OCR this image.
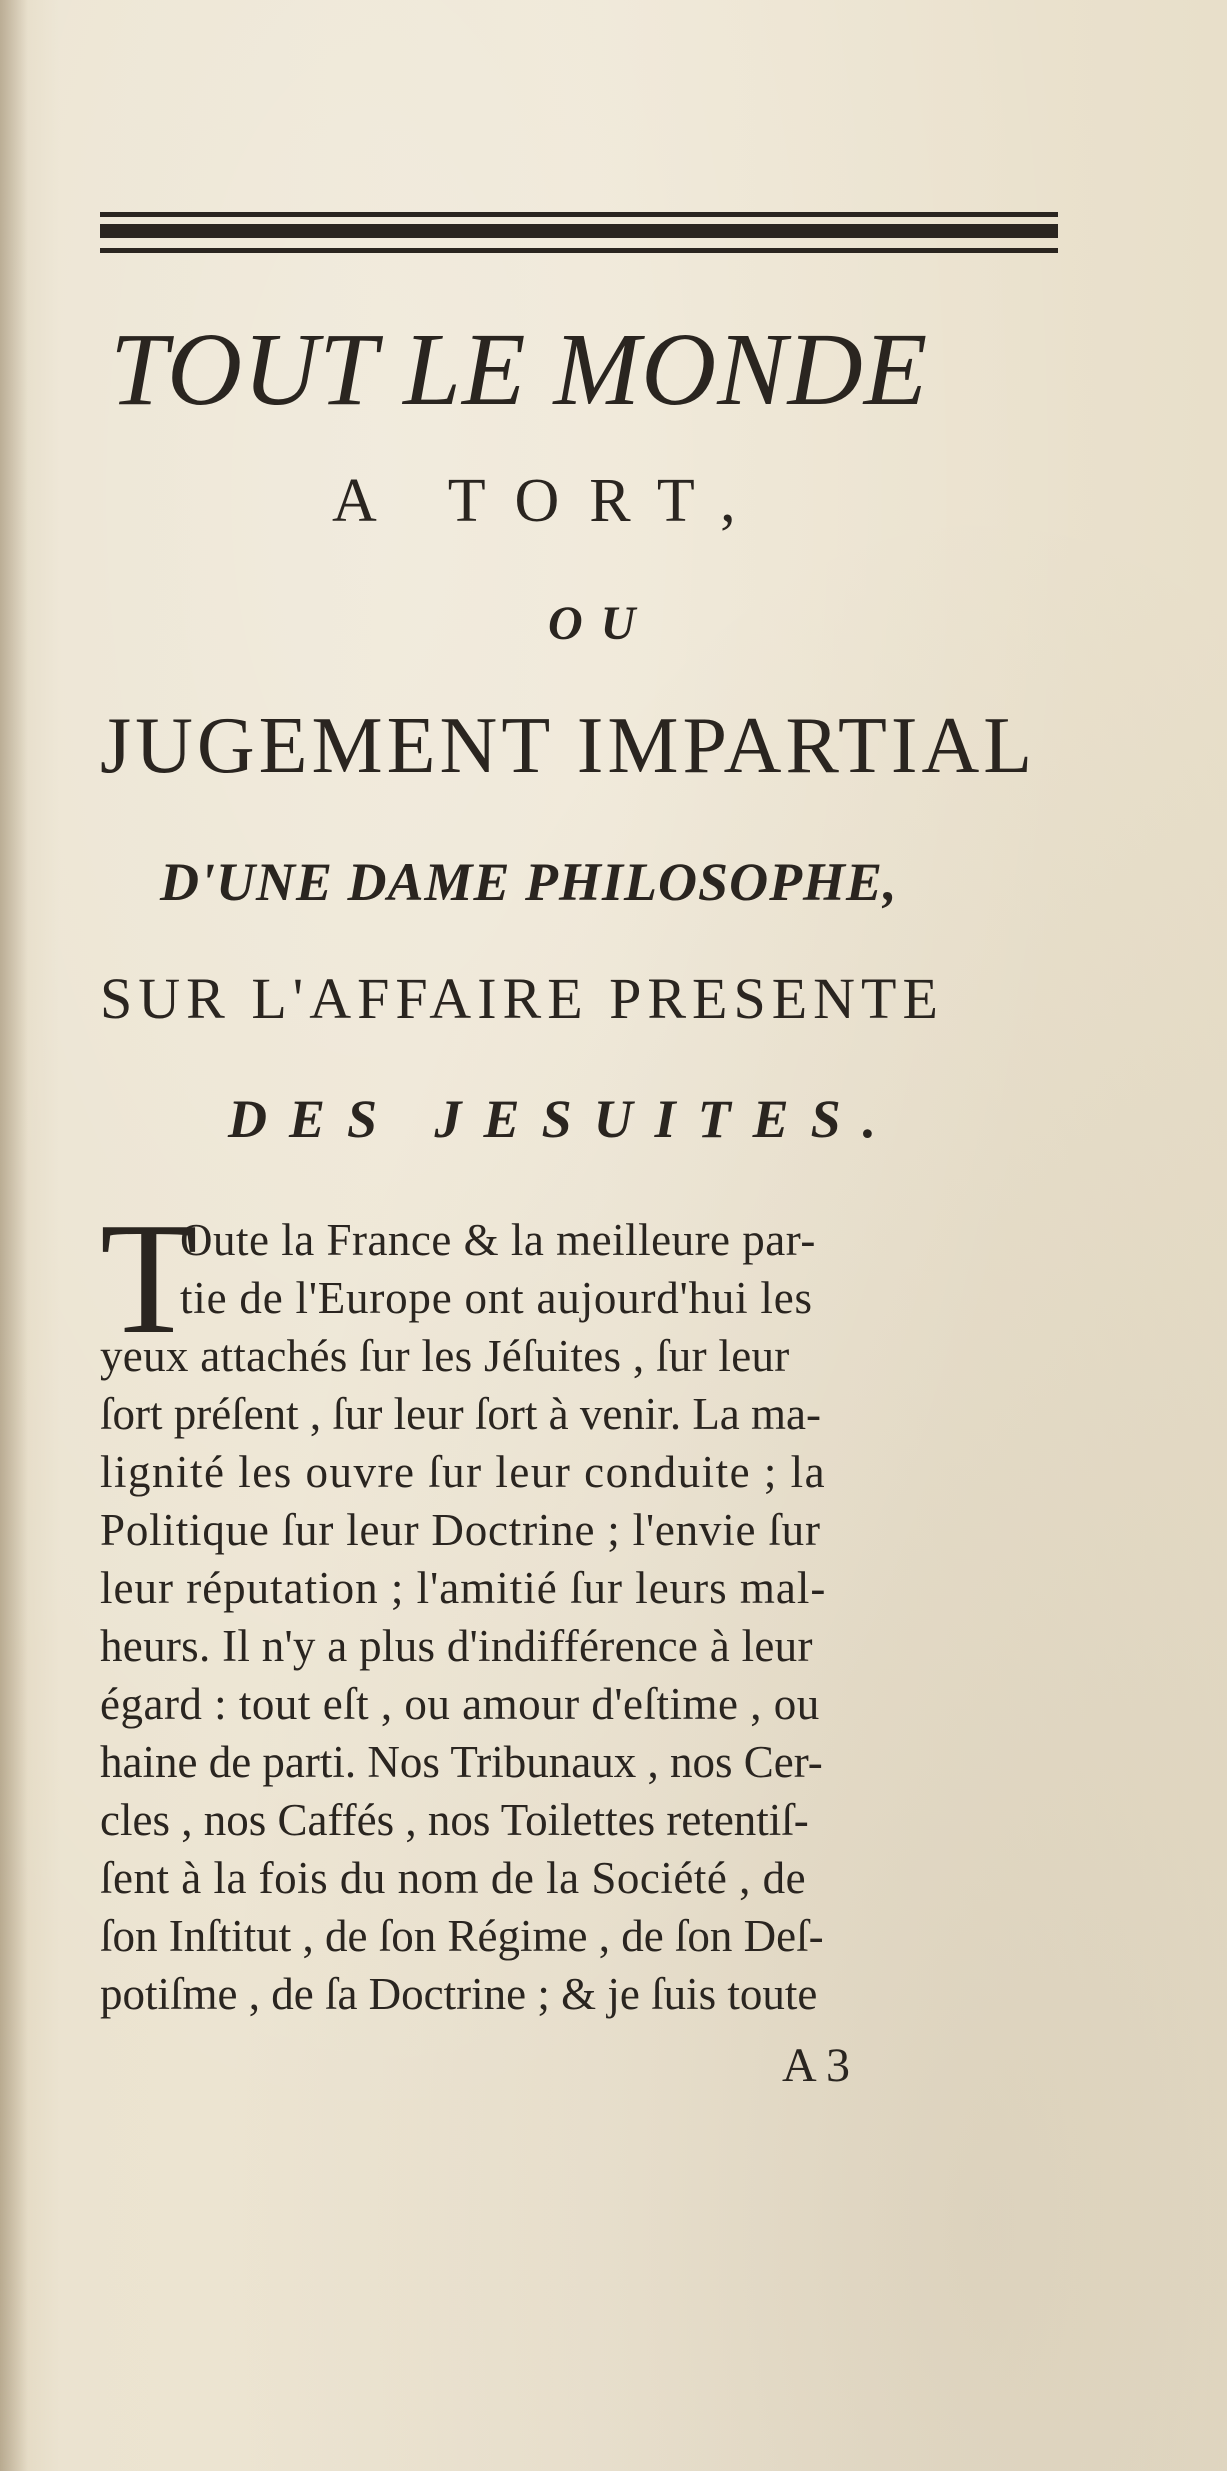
TOUT LE MONDE
A TORT,
OU
JUGEMENT IMPARTIAL
D'UNE DAME PHILOSOPHE,
SUR L'AFFAIRE PRESENTE
DES JESUITES.
T
Oute la France & la meilleure par-
tie de l'Europe ont aujourd'hui les
yeux attachés ſur les Jéſuites , ſur leur
ſort préſent , ſur leur ſort à venir. La ma-
lignité les ouvre ſur leur conduite ; la
Politique ſur leur Doctrine ; l'envie ſur
leur réputation ; l'amitié ſur leurs mal-
heurs. Il n'y a plus d'indifférence à leur
égard : tout eſt , ou amour d'eſtime , ou
haine de parti. Nos Tribunaux , nos Cer-
cles , nos Caffés , nos Toilettes retentiſ-
ſent à la fois du nom de la Société , de
ſon Inſtitut , de ſon Régime , de ſon Deſ-
potiſme , de ſa Doctrine ; & je ſuis toute
A 3
